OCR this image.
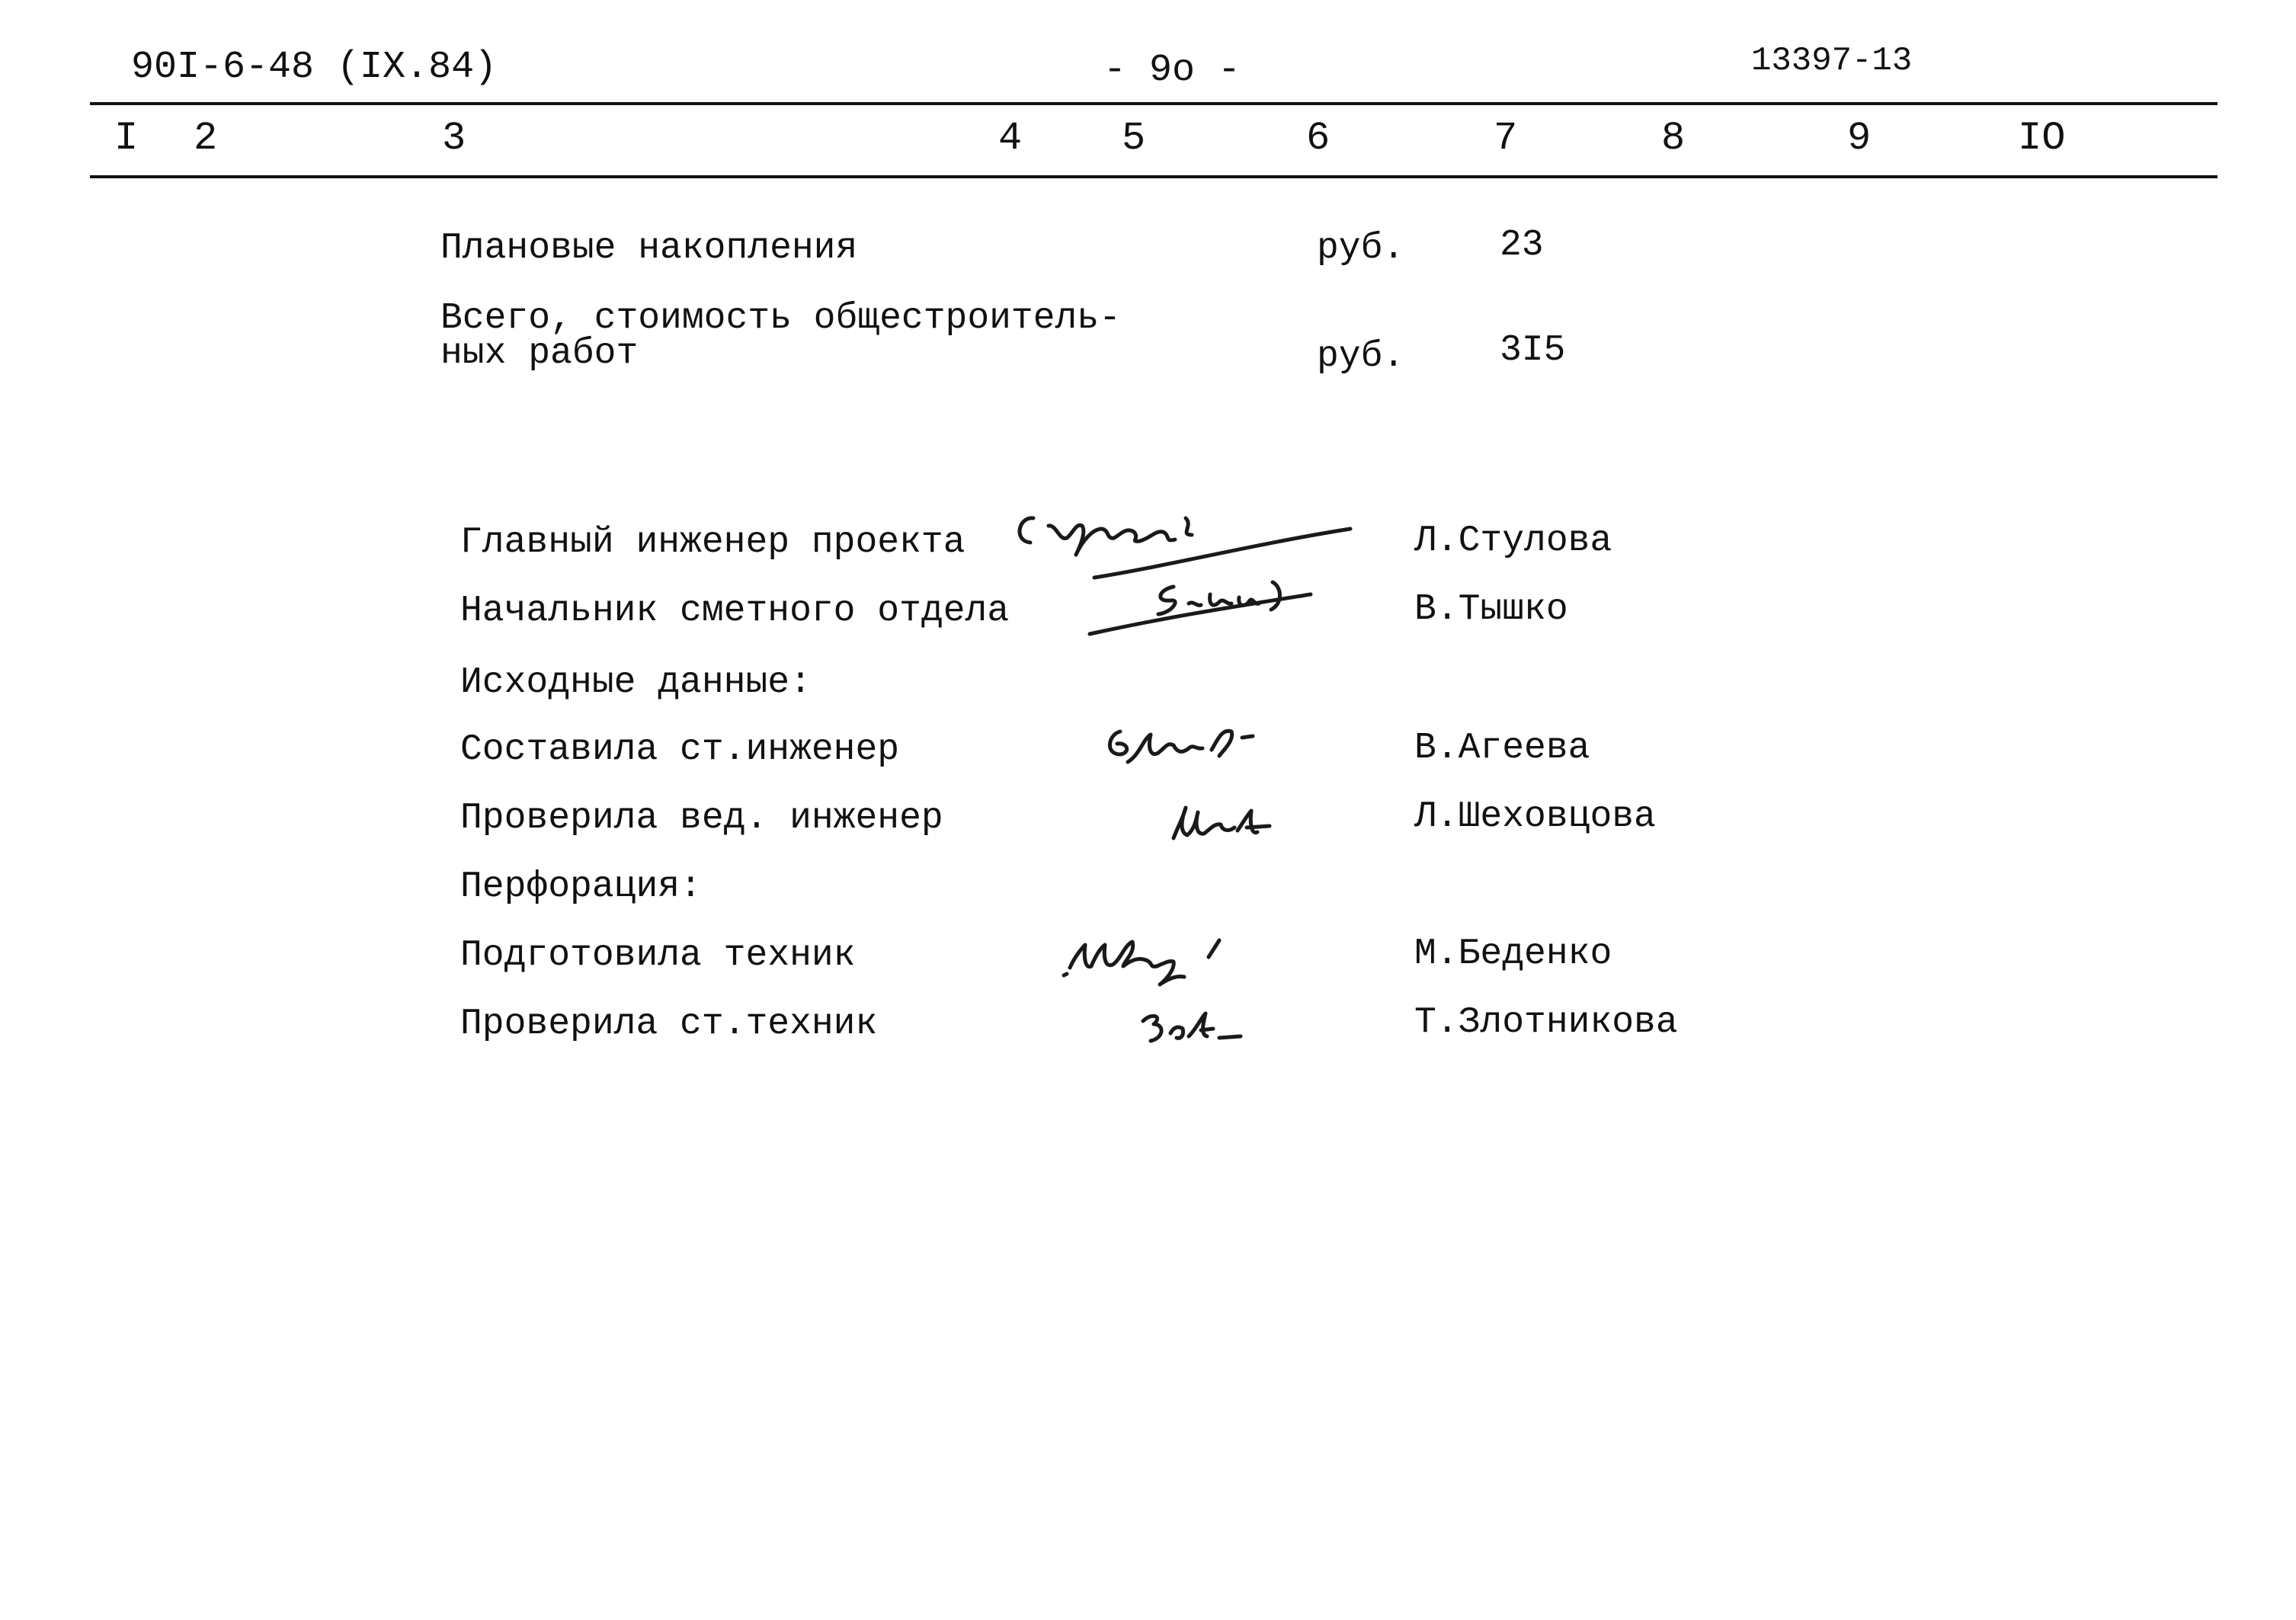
90I-6-48 (IX.84)	- 9o -	13397-13
I 2	3	4	5	6	7	8	9	IO
Плановые накопления	руб.	23
Всего, стоимость общестроитель-
ных работ	руб.	3I5
Главный инженер проекта	Л.Стулова
Начальник сметного отдела	В.Тышко
Исходные данные:
Составила ст.инженер	В.Агеева
Проверила вед. инженер	Л.Шеховцова
Перфорация:
Подготовила техник	М.Беденко
Проверила ст.техник	Т.Злотникова
